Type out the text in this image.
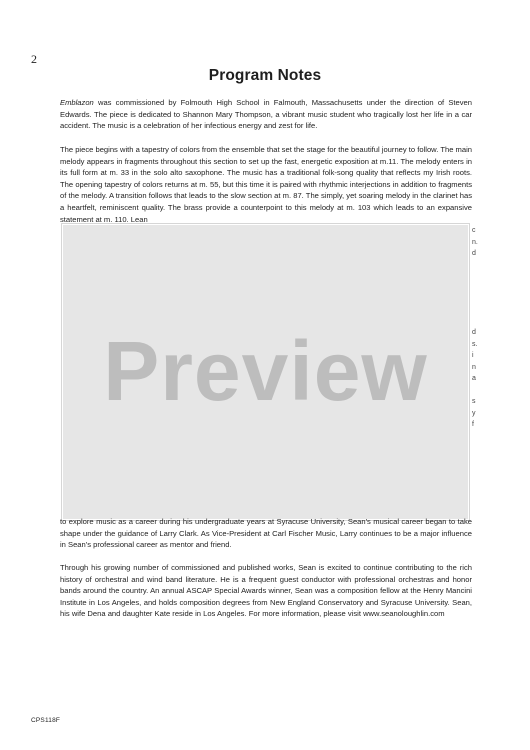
2
Program Notes
Emblazon was commissioned by Folmouth High School in Falmouth, Massachusetts under the direction of Steven Edwards. The piece is dedicated to Shannon Mary Thompson, a vibrant music student who tragically lost her life in a car accident. The music is a celebration of her infectious energy and zest for life.
The piece begins with a tapestry of colors from the ensemble that set the stage for the beautiful journey to follow. The main melody appears in fragments throughout this section to set up the fast, energetic exposition at m.11. The melody enters in its full form at m. 33 in the solo alto saxophone. The music has a traditional folk-song quality that reflects my Irish roots. The opening tapestry of colors returns at m. 55, but this time it is paired with rhythmic interjections in addition to fragments of the melody. A transition follows that leads to the slow section at m. 87. The simply, yet soaring melody in the clarinet has a heartfelt, reminiscent quality. The brass provide a counterpoint to this melody at m. 103 which leads to an expansive statement at m. 110. Lean
c
n.
d
d
s.
i
n
a
s
y
f
Preview
to explore music as a career during his undergraduate years at Syracuse University, Sean's musical career began to take shape under the guidance of Larry Clark. As Vice-President at Carl Fischer Music, Larry continues to be a major influence in Sean's professional career as mentor and friend.
Through his growing number of commissioned and published works, Sean is excited to continue contributing to the rich history of orchestral and wind band literature. He is a frequent guest conductor with professional orchestras and honor bands around the country. An annual ASCAP Special Awards winner, Sean was a composition fellow at the Henry Mancini Institute in Los Angeles, and holds composition degrees from New England Conservatory and Syracuse University. Sean, his wife Dena and daughter Kate reside in Los Angeles. For more information, please visit www.seanoloughlin.com
CPS118F
